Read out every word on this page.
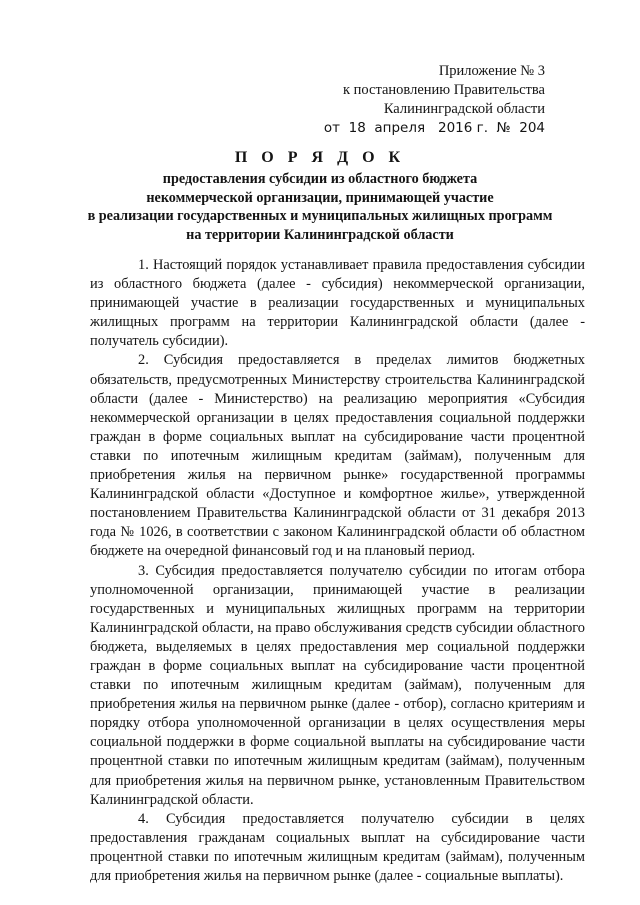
Приложение № 3
к постановлению Правительства
Калининградской области
от  18  апреля   2016 г.  №  204
П О Р Я Д О К
предоставления субсидии из областного бюджета
некоммерческой организации, принимающей участие
в реализации государственных и муниципальных жилищных программ
на территории Калининградской области

1. Настоящий порядок устанавливает правила предоставления субсидии из областного бюджета (далее - субсидия) некоммерческой организации, принимающей участие в реализации государственных и муниципальных жилищных программ на территории Калининградской области (далее - получатель субсидии).

2. Субсидия предоставляется в пределах лимитов бюджетных обязательств, предусмотренных Министерству строительства Калининградской области (далее - Министерство) на реализацию мероприятия «Субсидия некоммерческой организации в целях предоставления социальной поддержки граждан в форме социальных выплат на субсидирование части процентной ставки по ипотечным жилищным кредитам (займам), полученным для приобретения жилья на первичном рынке» государственной программы Калининградской области «Доступное и комфортное жилье», утвержденной постановлением Правительства Калининградской области от 31 декабря 2013 года № 1026, в соответствии с законом Калининградской области об областном бюджете на очередной финансовый год и на плановый период.

3. Субсидия предоставляется получателю субсидии по итогам отбора уполномоченной организации, принимающей участие в реализации государственных и муниципальных жилищных программ на территории Калининградской области, на право обслуживания средств субсидии областного бюджета, выделяемых в целях предоставления мер социальной поддержки граждан в форме социальных выплат на субсидирование части процентной ставки по ипотечным жилищным кредитам (займам), полученным для приобретения жилья на первичном рынке (далее - отбор), согласно критериям и порядку отбора уполномоченной организации в целях осуществления меры социальной поддержки в форме социальной выплаты на субсидирование части процентной ставки по ипотечным жилищным кредитам (займам), полученным для приобретения жилья на первичном рынке, установленным Правительством Калининградской области.

4. Субсидия предоставляется получателю субсидии в целях предоставления гражданам социальных выплат на субсидирование части процентной ставки по ипотечным жилищным кредитам (займам), полученным для приобретения жилья на первичном рынке (далее - социальные выплаты).
